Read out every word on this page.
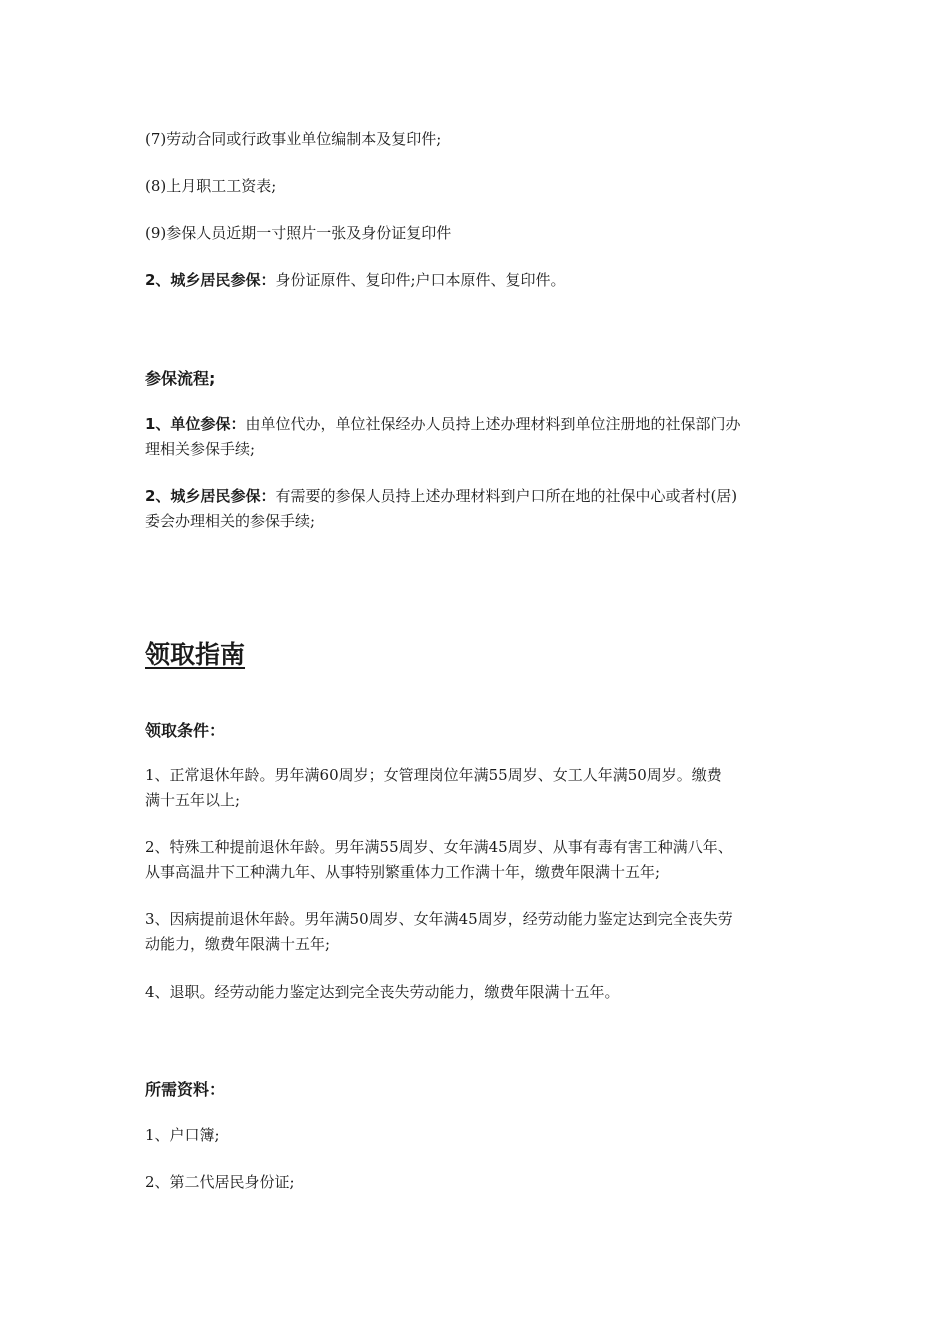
(7)劳动合同或行政事业单位编制本及复印件;
(8)上月职工工资表;
(9)参保人员近期一寸照片一张及身份证复印件
2、城乡居民参保：身份证原件、复印件;户口本原件、复印件。
参保流程;
1、单位参保：由单位代办，单位社保经办人员持上述办理材料到单位注册地的社保部门办
理相关参保手续;
2、城乡居民参保：有需要的参保人员持上述办理材料到户口所在地的社保中心或者村(居)
委会办理相关的参保手续;
领取指南
领取条件：
1、正常退休年龄。男年满60周岁；女管理岗位年满55周岁、女工人年满50周岁。缴费
满十五年以上;
2、特殊工种提前退休年龄。男年满55周岁、女年满45周岁、从事有毒有害工种满八年、
从事高温井下工种满九年、从事特别繁重体力工作满十年，缴费年限满十五年;
3、因病提前退休年龄。男年满50周岁、女年满45周岁，经劳动能力鉴定达到完全丧失劳
动能力，缴费年限满十五年;
4、退职。经劳动能力鉴定达到完全丧失劳动能力，缴费年限满十五年。
所需资料：
1、户口簿;
2、第二代居民身份证;
